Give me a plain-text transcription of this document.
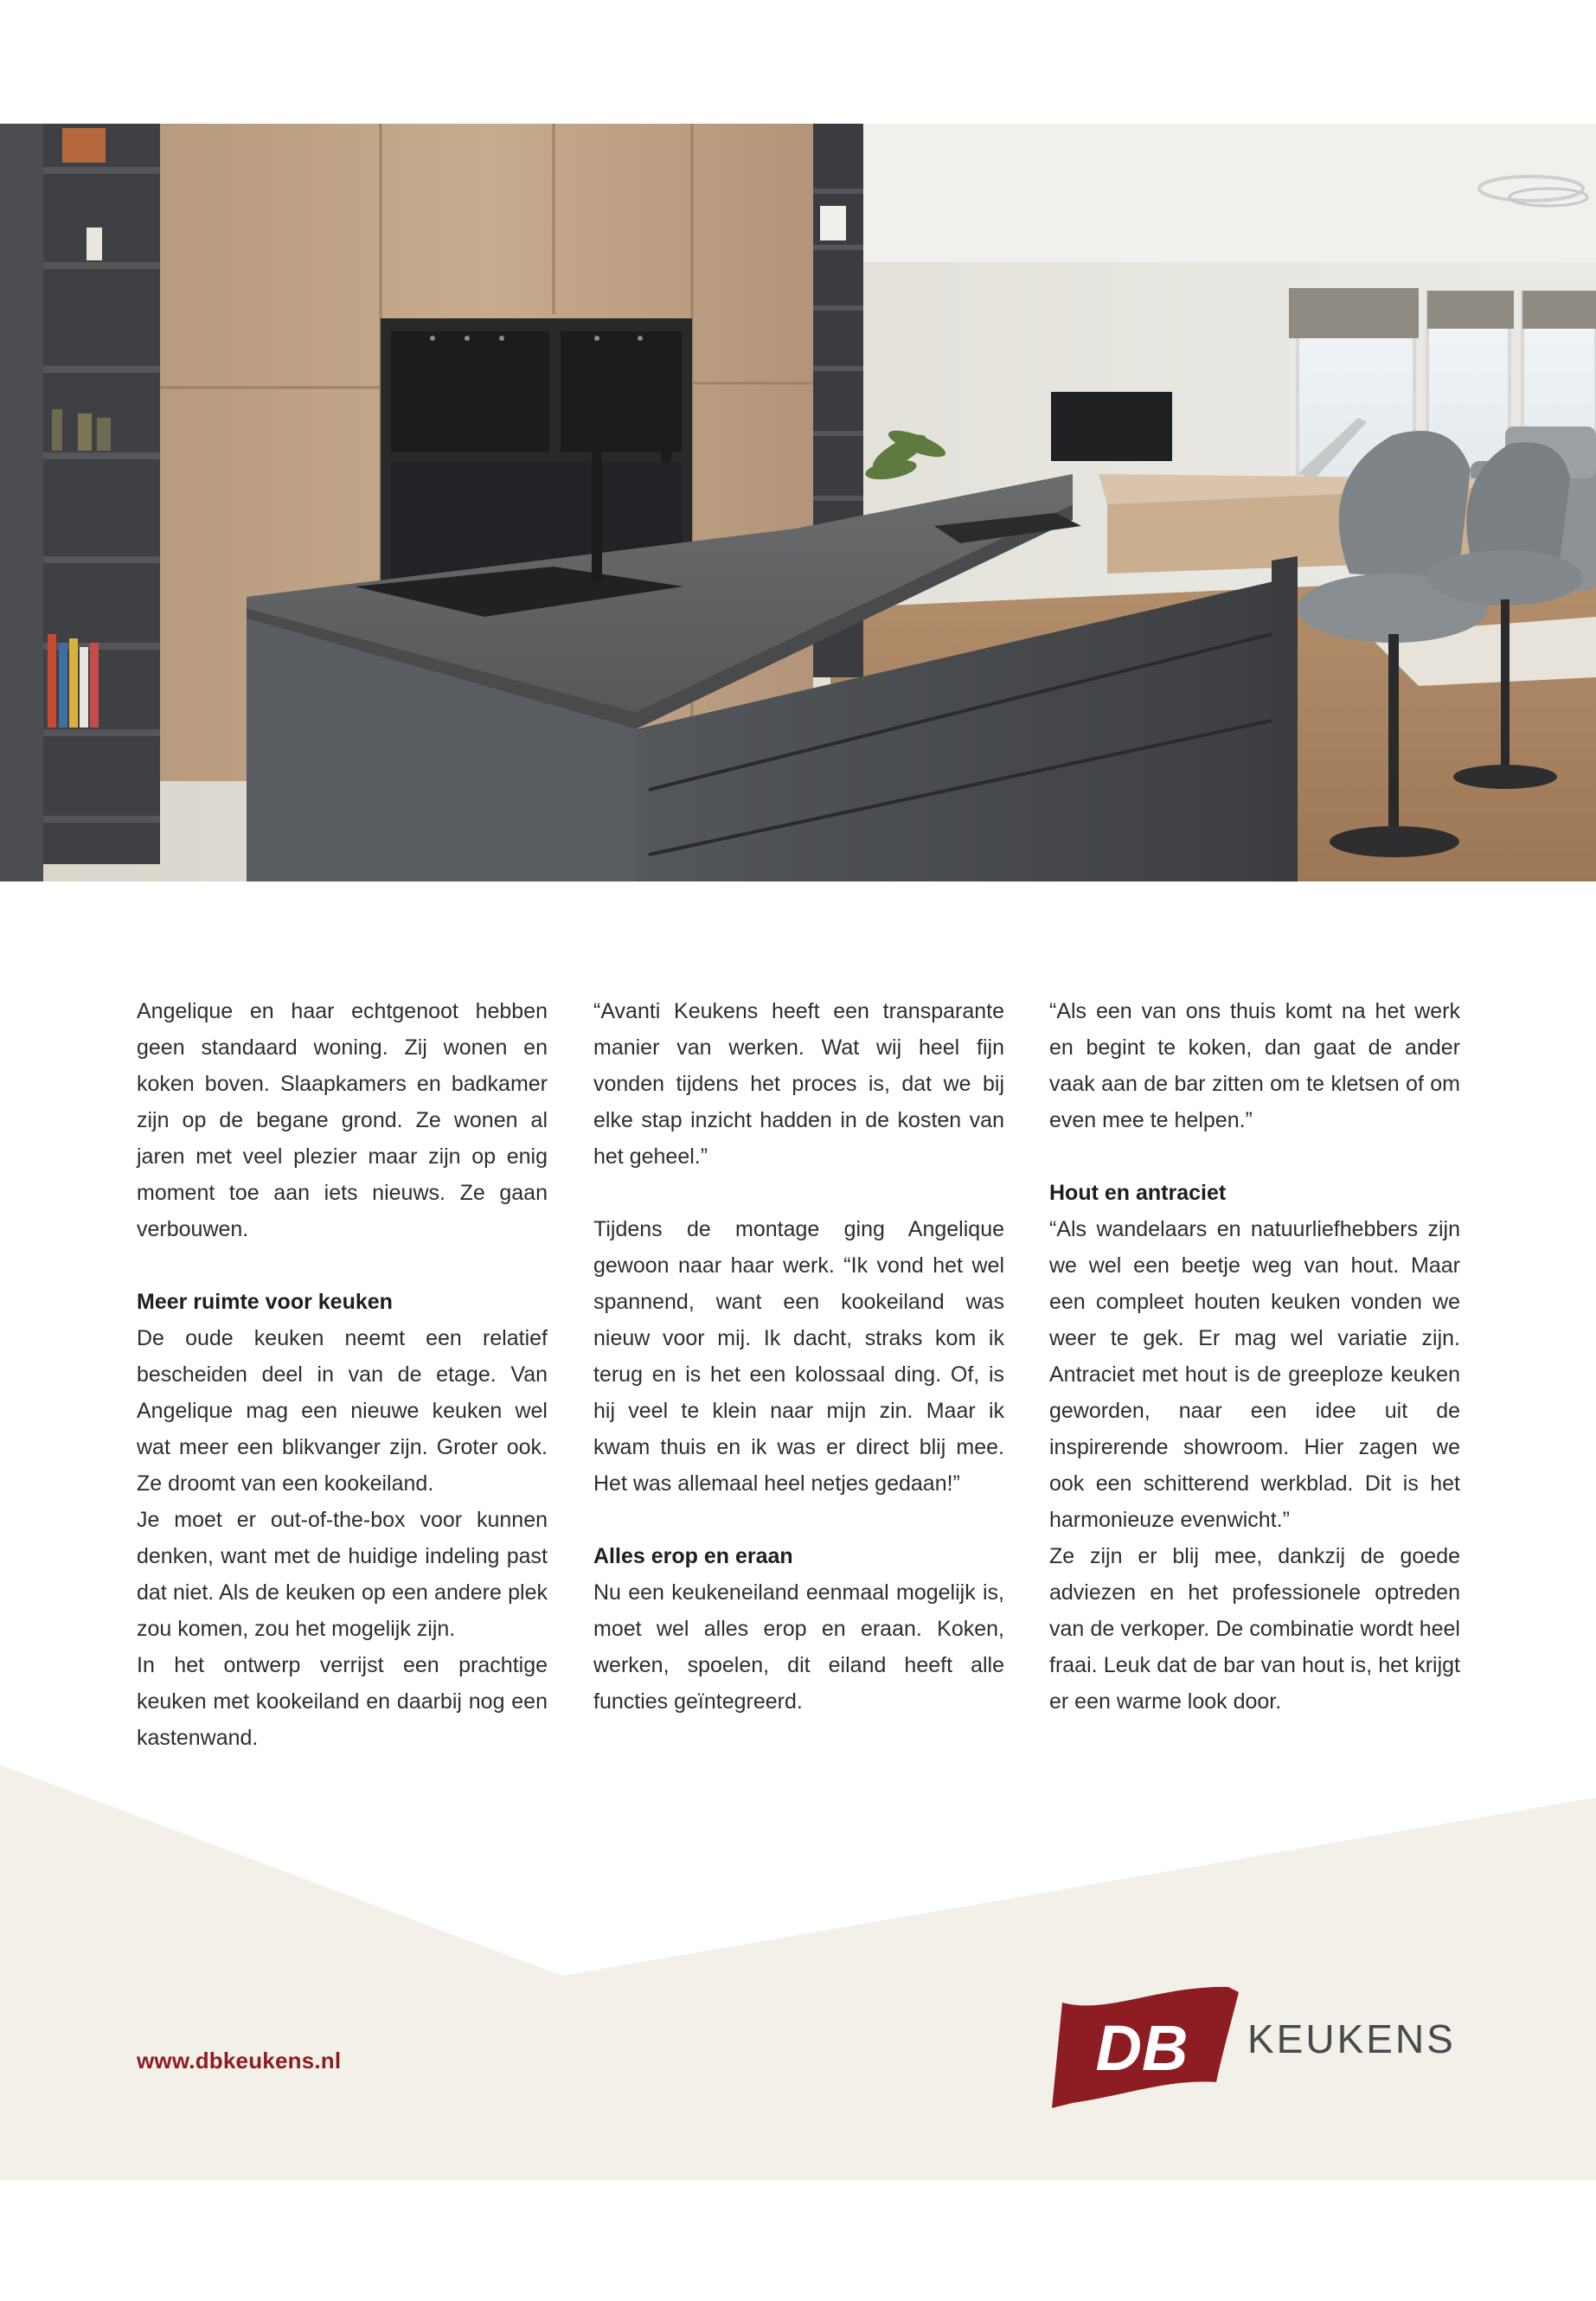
Angelique en haar echtgenoot hebben geen standaard woning. Zij wonen en koken boven. Slaapkamers en badkamer zijn op de begane grond. Ze wonen al jaren met veel plezier maar zijn op enig moment toe aan iets nieuws. Ze gaan verbouwen.

Meer ruimte voor keuken

De oude keuken neemt een relatief bescheiden deel in van de etage. Van Angelique mag een nieuwe keuken wel wat meer een blikvanger zijn. Groter ook. Ze droomt van een kookeiland.

Je moet er out-of-the-box voor kunnen denken, want met de huidige indeling past dat niet. Als de keuken op een andere plek zou komen, zou het mogelijk zijn.

In het ontwerp verrijst een prachtige keuken met kookeiland en daarbij nog een kastenwand.

“Avanti Keukens heeft een transparante manier van werken. Wat wij heel fijn vonden tijdens het proces is, dat we bij elke stap inzicht hadden in de kosten van het geheel.”

Tijdens de montage ging Angelique gewoon naar haar werk. “Ik vond het wel spannend, want een kookeiland was nieuw voor mij. Ik dacht, straks kom ik terug en is het een kolossaal ding. Of, is hij veel te klein naar mijn zin. Maar ik kwam thuis en ik was er direct blij mee. Het was allemaal heel netjes gedaan!”

Alles erop en eraan

Nu een keukeneiland eenmaal mogelijk is, moet wel alles erop en eraan. Koken, werken, spoelen, dit eiland heeft alle functies geïntegreerd.

“Als een van ons thuis komt na het werk en begint te koken, dan gaat de ander vaak aan de bar zitten om te kletsen of om even mee te helpen.”

Hout en antraciet

“Als wandelaars en natuurliefhebbers zijn we wel een beetje weg van hout. Maar een compleet houten keuken vonden we weer te gek. Er mag wel variatie zijn. Antraciet met hout is de greeploze keuken geworden, naar een idee uit de inspirerende showroom. Hier zagen we ook een schitterend werkblad. Dit is het harmonieuze evenwicht.”

Ze zijn er blij mee, dankzij de goede adviezen en het professionele optreden van de verkoper. De combinatie wordt heel fraai. Leuk dat de bar van hout is, het krijgt er een warme look door.

www.dbkeukens.nl	DB KEUKENS
